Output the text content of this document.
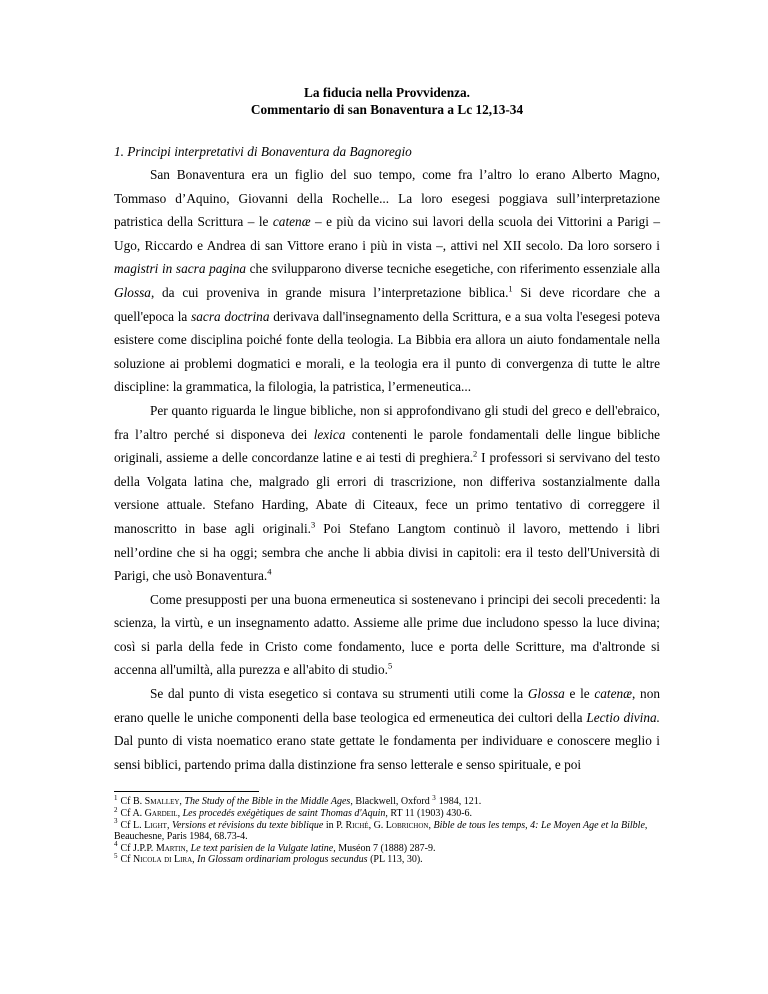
La fiducia nella Provvidenza.

Commentario di san Bonaventura a Lc 12,13-34

1. Principi interpretativi di Bonaventura da Bagnoregio

San Bonaventura era un figlio del suo tempo, come fra l’altro lo erano Alberto Magno, Tommaso d’Aquino, Giovanni della Rochelle... La loro esegesi poggiava sull’interpretazione patristica della Scrittura – le catenæ – e più da vicino sui lavori della scuola dei Vittorini a Parigi – Ugo, Riccardo e Andrea di san Vittore erano i più in vista –, attivi nel XII secolo. Da loro sorsero i magistri in sacra pagina che svilupparono diverse tecniche esegetiche, con riferimento essenziale alla Glossa, da cui proveniva in grande misura l’interpretazione biblica.$^1$ Si deve ricordare che a quell'epoca la sacra doctrina derivava dall'insegnamento della Scrittura, e a sua volta l'esegesi poteva esistere come disciplina poiché fonte della teologia. La Bibbia era allora un aiuto fondamentale nella soluzione ai problemi dogmatici e morali, e la teologia era il punto di convergenza di tutte le altre discipline: la grammatica, la filologia, la patristica, l’ermeneutica...

Per quanto riguarda le lingue bibliche, non si approfondivano gli studi del greco e dell'ebraico, fra l’altro perché si disponeva dei lexica contenenti le parole fondamentali delle lingue bibliche originali, assieme a delle concordanze latine e ai testi di preghiera.$^2$ I professori si servivano del testo della Volgata latina che, malgrado gli errori di trascrizione, non differiva sostanzialmente dalla versione attuale. Stefano Harding, Abate di Citeaux, fece un primo tentativo di correggere il manoscritto in base agli originali.$^3$ Poi Stefano Langtom continuò il lavoro, mettendo i libri nell’ordine che si ha oggi; sembra che anche li abbia divisi in capitoli: era il testo dell'Università di Parigi, che usò Bonaventura.$^4$

Come presupposti per una buona ermeneutica si sostenevano i principi dei secoli precedenti: la scienza, la virtù, e un insegnamento adatto. Assieme alle prime due includono spesso la luce divina; così si parla della fede in Cristo come fondamento, luce e porta delle Scritture, ma d'altronde si accenna all'umiltà, alla purezza e all'abito di studio.$^5$

Se dal punto di vista esegetico si contava su strumenti utili come la Glossa e le catenæ, non erano quelle le uniche componenti della base teologica ed ermeneutica dei cultori della Lectio divina. Dal punto di vista noematico erano state gettate le fondamenta per individuare e conoscere meglio i sensi biblici, partendo prima dalla distinzione fra senso letterale e senso spirituale, e poi

$^1$ Cf B. Smalley, The Study of the Bible in the Middle Ages, Blackwell, Oxford $^3$ 1984, 121.

$^2$ Cf A. Gardeil, Les procedés exégètiques de saint Thomas d'Aquin, RT 11 (1903) 430-6.

$^3$ Cf L. Light, Versions et révisions du texte biblique in P. Riché, G. Lobrichon, Bible de tous les temps, 4: Le Moyen Age et la Bilble, Beauchesne, Paris 1984, 68.73-4.

$^4$ Cf J.P.P. Martin, Le text parisien de la Vulgate latine, Muséon 7 (1888) 287-9.

$^5$ Cf Nicola di Lira, In Glossam ordinariam prologus secundus (PL 113, 30).
